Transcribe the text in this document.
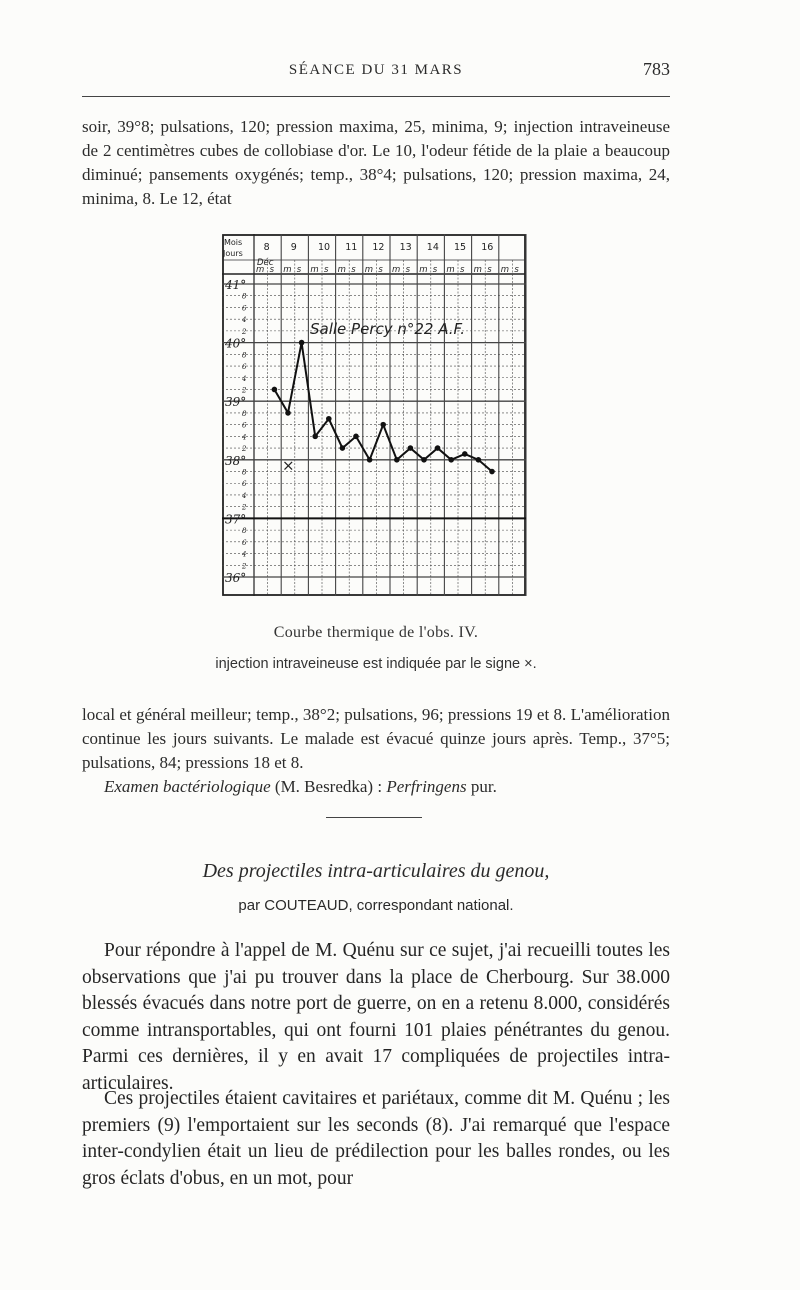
SÉANCE DU 31 MARS	783

soir, 39°8; pulsations, 120; pression maxima, 25, minima, 9; injection intraveineuse de 2 centimètres cubes de collobiase d'or. Le 10, l'odeur fétide de la plaie a beaucoup diminué; pansements oxygénés; temp., 38°4; pulsations, 120; pression maxima, 24, minima, 8. Le 12, état

Mois
Jours
Déc
8 9 10 11 12 13 14 15 16
m s m s m s m s m s m s m s m s m s m s
41°
8
6
4
2
40°
8
6
4
2
39°
8
6
4
2
38°
8
6
4
2
37°
8
6
4
2
36°
Salle Percy n°22 A.F.
×
Courbe thermique de l'obs. IV.
injection intraveineuse est indiquée par le signe ×.

local et général meilleur; temp., 38°2; pulsations, 96; pressions 19 et 8. L'amélioration continue les jours suivants. Le malade est évacué quinze jours après. Temp., 37°5; pulsations, 84; pressions 18 et 8.
Examen bactériologique (M. Besredka) : Perfringens pur.

Des projectiles intra-articulaires du genou,
par COUTEAUD, correspondant national.

Pour répondre à l'appel de M. Quénu sur ce sujet, j'ai recueilli toutes les observations que j'ai pu trouver dans la place de Cherbourg. Sur 38.000 blessés évacués dans notre port de guerre, on en a retenu 8.000, considérés comme intransportables, qui ont fourni 101 plaies pénétrantes du genou. Parmi ces dernières, il y en avait 17 compliquées de projectiles intra-articulaires.

Ces projectiles étaient cavitaires et pariétaux, comme dit M. Quénu ; les premiers (9) l'emportaient sur les seconds (8). J'ai remarqué que l'espace inter-condylien était un lieu de prédilection pour les balles rondes, ou les gros éclats d'obus, en un mot, pour
